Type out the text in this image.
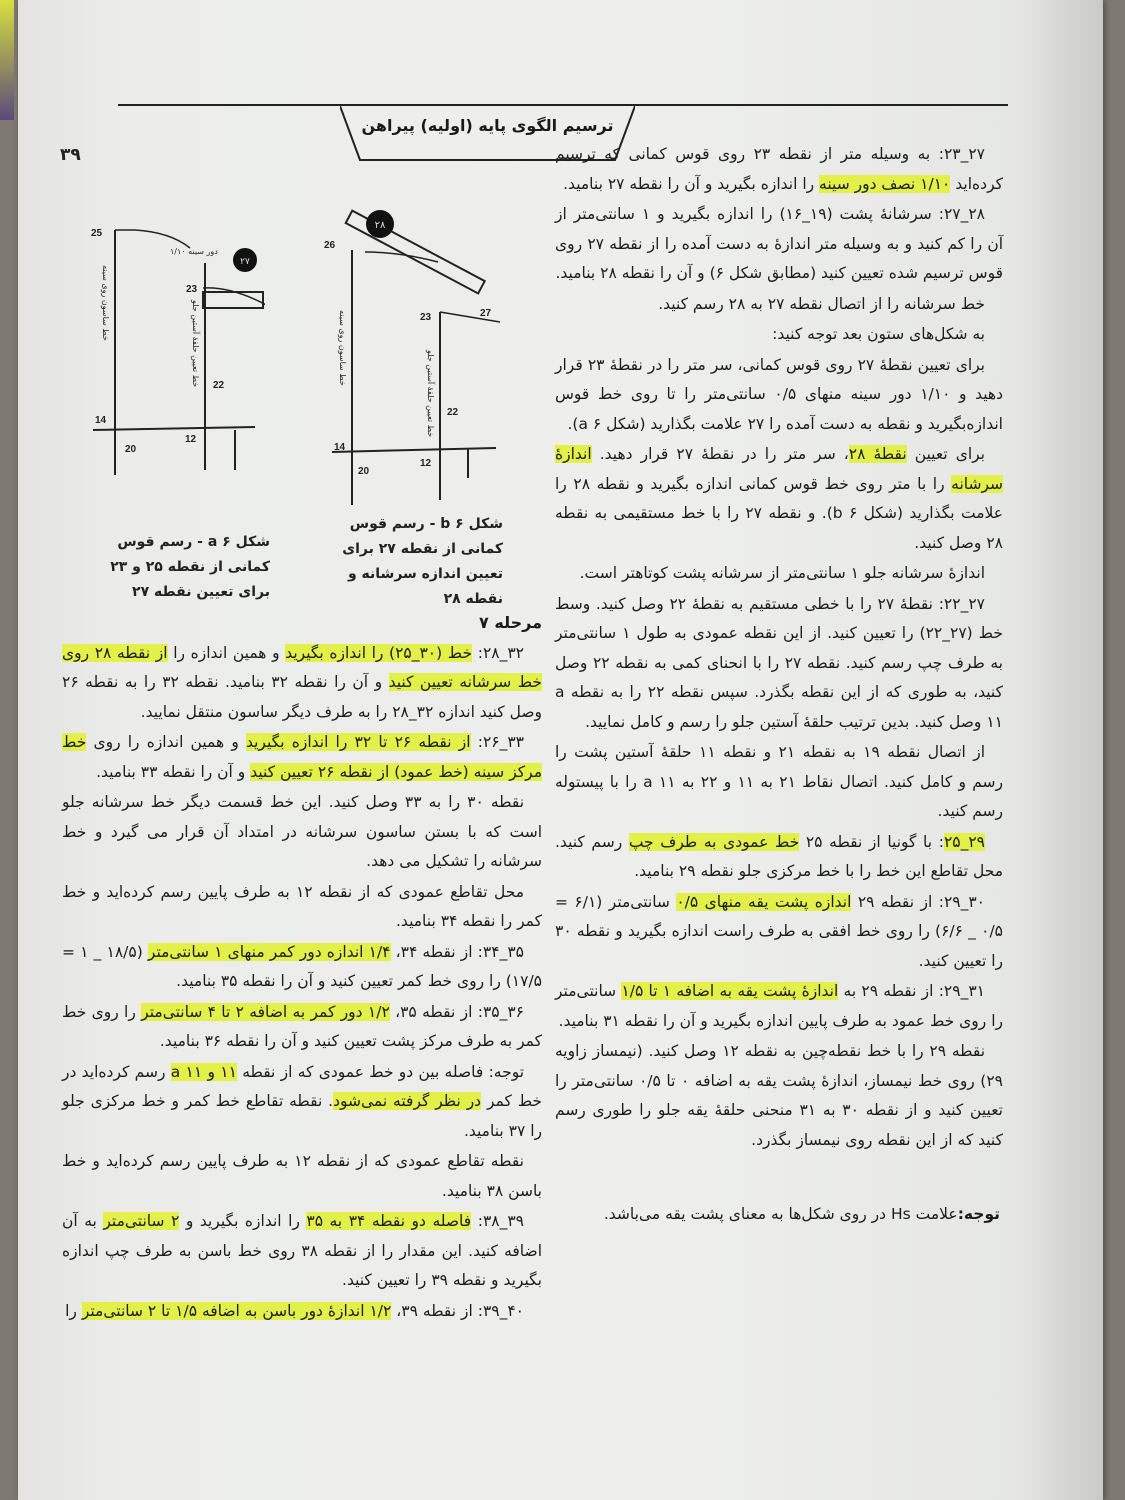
ترسیم الگوی پایه (اولیه) پیراهن
۳۹
۲۸
26
23	27
22
14
12
20
خط ساسون روی سینه
خط تعیین حلقهٔ آستین جلو
شکل b ۶ - رسم قوس کمانی از نقطه ۲۷ برای تعیین اندازه سرشانه و نقطه ۲۸
۲۷
25
23
22
14
12
20
۱/۱۰ دور سینه
خط ساسون روی سینه	خط تعیین حلقهٔ آستین جلو
شکل a ۶ - رسم قوس کمانی از نقطه ۲۵ و ۲۳ برای تعیین نقطه ۲۷

۲۷_۲۳: به وسیله متر از نقطه ۲۳ روی قوس کمانی که ترسیم کرده‌اید ۱/۱۰ نصف دور سینه را اندازه بگیرید و آن را نقطه ۲۷ بنامید.

۲۸_۲۷: سرشانهٔ پشت (۱۹_۱۶) را اندازه بگیرید و ۱ سانتی‌متر از آن را کم کنید و به وسیله متر اندازهٔ به دست آمده را از نقطه ۲۷ روی قوس ترسیم شده تعیین کنید (مطابق شکل ۶) و آن را نقطه ۲۸ بنامید.

خط سرشانه را از اتصال نقطه ۲۷ به ۲۸ رسم کنید.

به شکل‌های ستون بعد توجه کنید:

برای تعیین نقطهٔ ۲۷ روی قوس کمانی، سر متر را در نقطهٔ ۲۳ قرار دهید و ۱/۱۰ دور سینه منهای ۰/۵ سانتی‌متر را تا روی خط قوس اندازه‌بگیرید و نقطه به دست آمده را ۲۷ علامت بگذارید (شکل a ۶).

برای تعیین نقطهٔ ۲۸، سر متر را در نقطهٔ ۲۷ قرار دهید. اندازهٔ سرشانه را با متر روی خط قوس کمانی اندازه بگیرید و نقطه ۲۸ را علامت بگذارید (شکل b ۶). و نقطه ۲۷ را با خط مستقیمی به نقطه ۲۸ وصل کنید.

اندازهٔ سرشانه جلو ۱ سانتی‌متر از سرشانه پشت کوتاهتر است.

۲۷_۲۲: نقطهٔ ۲۷ را با خطی مستقیم به نقطهٔ ۲۲ وصل کنید. وسط خط (۲۷_۲۲) را تعیین کنید. از این نقطه عمودی به طول ۱ سانتی‌متر به طرف چپ رسم کنید. نقطه ۲۷ را با انحنای کمی به نقطه ۲۲ وصل کنید، به طوری که از این نقطه بگذرد. سپس نقطه ۲۲ را به نقطه a ۱۱ وصل کنید. بدین ترتیب حلقهٔ آستین جلو را رسم و کامل نمایید.

از اتصال نقطه ۱۹ به نقطه ۲۱ و نقطه ۱۱ حلقهٔ آستین پشت را رسم و کامل کنید. اتصال نقاط ۲۱ به ۱۱ و ۲۲ به a ۱۱ را با پیستوله رسم کنید.

۲۹_۲۵: با گونیا از نقطه ۲۵ خط عمودی به طرف چپ رسم کنید. محل تقاطع این خط را با خط مرکزی جلو نقطه ۲۹ بنامید.

۳۰_۲۹: از نقطه ۲۹ اندازه پشت یقه منهای ۰/۵ سانتی‌متر (۶/۱ = ۰/۵ _ ۶/۶) را روی خط افقی به طرف راست اندازه بگیرید و نقطه ۳۰ را تعیین کنید.

۳۱_۲۹: از نقطه ۲۹ به اندازهٔ پشت یقه به اضافه ۱ تا ۱/۵ سانتی‌متر را روی خط عمود به طرف پایین اندازه بگیرید و آن را نقطه ۳۱ بنامید.

نقطه ۲۹ را با خط نقطه‌چین به نقطه ۱۲ وصل کنید. (نیمساز زاویه ۲۹) روی خط نیمساز، اندازهٔ پشت یقه به اضافه ۰ تا ۰/۵ سانتی‌متر را تعیین کنید و از نقطه ۳۰ به ۳۱ منحنی حلقهٔ یقه جلو را طوری رسم کنید که از این نقطه روی نیمساز بگذرد.

مرحله ۷

۳۲_۲۸: خط (۳۰_۲۵) را اندازه بگیرید و همین اندازه را از نقطه ۲۸ روی خط سرشانه تعیین کنید و آن را نقطه ۳۲ بنامید. نقطه ۳۲ را به نقطه ۲۶ وصل کنید اندازه ۳۲_۲۸ را به طرف دیگر ساسون منتقل نمایید.

۳۳_۲۶: از نقطه ۲۶ تا ۳۲ را اندازه بگیرید و همین اندازه را روی خط مرکز سینه (خط عمود) از نقطه ۲۶ تعیین کنید و آن را نقطه ۳۳ بنامید.

نقطه ۳۰ را به ۳۳ وصل کنید. این خط قسمت دیگر خط سرشانه جلو است که با بستن ساسون سرشانه در امتداد آن قرار می گیرد و خط سرشانه را تشکیل می دهد.

محل تقاطع عمودی که از نقطه ۱۲ به طرف پایین رسم کرده‌اید و خط کمر را نقطه ۳۴ بنامید.

۳۵_۳۴: از نقطه ۳۴، ۱/۴ اندازه دور کمر منهای ۱ سانتی‌متر (۱۸/۵ _ ۱ = ۱۷/۵) را روی خط کمر تعیین کنید و آن را نقطه ۳۵ بنامید.

۳۶_۳۵: از نقطه ۳۵، ۱/۲ دور کمر به اضافه ۲ تا ۴ سانتی‌متر را روی خط کمر به طرف مرکز پشت تعیین کنید و آن را نقطه ۳۶ بنامید.

توجه: فاصله بین دو خط عمودی که از نقطه ۱۱ و a ۱۱ رسم کرده‌اید در خط کمر در نظر گرفته نمی‌شود. نقطه تقاطع خط کمر و خط مرکزی جلو را ۳۷ بنامید.

نقطه تقاطع عمودی که از نقطه ۱۲ به طرف پایین رسم کرده‌اید و خط باسن ۳۸ بنامید.

۳۹_۳۸: فاصله دو نقطه ۳۴ به ۳۵ را اندازه بگیرید و ۲ سانتی‌متر به آن اضافه کنید. این مقدار را از نقطه ۳۸ روی خط باسن به طرف چپ اندازه بگیرید و نقطه ۳۹ را تعیین کنید.

۴۰_۳۹: از نقطه ۳۹، ۱/۲ اندازهٔ دور باسن به اضافه ۱/۵ تا ۲ سانتی‌متر را

توجه:علامت Hs در روی شکل‌ها به معنای پشت یقه می‌باشد.
